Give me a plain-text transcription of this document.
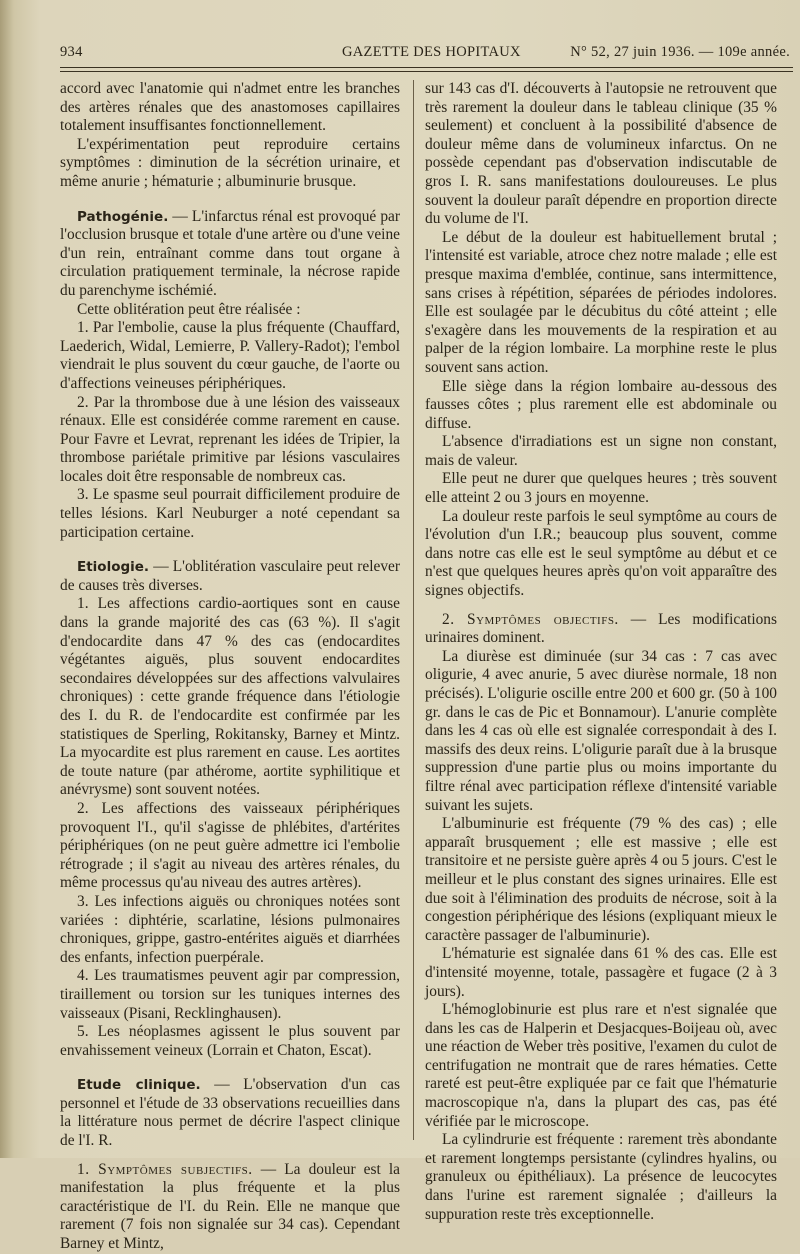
934	GAZETTE DES HOPITAUX	N° 52, 27 juin 1936. — 109e année.

accord avec l'anatomie qui n'admet entre les branches des artères rénales que des anastomoses capillaires totalement insuffisantes fonctionnellement.

L'expérimentation peut reproduire certains symptômes : diminution de la sécrétion urinaire, et même anurie ; hématurie ; albuminurie brusque.

Pathogénie. — L'infarctus rénal est provoqué par l'occlusion brusque et totale d'une artère ou d'une veine d'un rein, entraînant comme dans tout organe à circulation pratiquement terminale, la nécrose rapide du parenchyme ischémié.

Cette oblitération peut être réalisée :

1. Par l'embolie, cause la plus fréquente (Chauffard, Laederich, Widal, Lemierre, P. Vallery-Radot); l'embol viendrait le plus souvent du cœur gauche, de l'aorte ou d'affections veineuses périphériques.

2. Par la thrombose due à une lésion des vaisseaux rénaux. Elle est considérée comme rarement en cause. Pour Favre et Levrat, reprenant les idées de Tripier, la thrombose pariétale primitive par lésions vasculaires locales doit être responsable de nombreux cas.

3. Le spasme seul pourrait difficilement produire de telles lésions. Karl Neuburger a noté cependant sa participation certaine.

Etiologie. — L'oblitération vasculaire peut relever de causes très diverses.

1. Les affections cardio-aortiques sont en cause dans la grande majorité des cas (63 %). Il s'agit d'endocardite dans 47 % des cas (endocardites végétantes aiguës, plus souvent endocardites secondaires développées sur des affections valvulaires chroniques) : cette grande fréquence dans l'étiologie des I. du R. de l'endocardite est confirmée par les statistiques de Sperling, Rokitansky, Barney et Mintz. La myocardite est plus rarement en cause. Les aortites de toute nature (par athérome, aortite syphilitique et anévrysme) sont souvent notées.

2. Les affections des vaisseaux périphériques provoquent l'I., qu'il s'agisse de phlébites, d'artérites périphériques (on ne peut guère admettre ici l'embolie rétrograde ; il s'agit au niveau des artères rénales, du même processus qu'au niveau des autres artères).

3. Les infections aiguës ou chroniques notées sont variées : diphtérie, scarlatine, lésions pulmonaires chroniques, grippe, gastro-entérites aiguës et diarrhées des enfants, infection puerpérale.

4. Les traumatismes peuvent agir par compression, tiraillement ou torsion sur les tuniques internes des vaisseaux (Pisani, Recklinghausen).

5. Les néoplasmes agissent le plus souvent par envahissement veineux (Lorrain et Chaton, Escat).

Etude clinique. — L'observation d'un cas personnel et l'étude de 33 observations recueillies dans la littérature nous permet de décrire l'aspect clinique de l'I. R.

1. Symptômes subjectifs. — La douleur est la manifestation la plus fréquente et la plus caractéristique de l'I. du Rein. Elle ne manque que rarement (7 fois non signalée sur 34 cas). Cependant Barney et Mintz,

sur 143 cas d'I. découverts à l'autopsie ne retrouvent que très rarement la douleur dans le tableau clinique (35 % seulement) et concluent à la possibilité d'absence de douleur même dans de volumineux infarctus. On ne possède cependant pas d'observation indiscutable de gros I. R. sans manifestations douloureuses. Le plus souvent la douleur paraît dépendre en proportion directe du volume de l'I.

Le début de la douleur est habituellement brutal ; l'intensité est variable, atroce chez notre malade ; elle est presque maxima d'emblée, continue, sans intermittence, sans crises à répétition, séparées de périodes indolores. Elle est soulagée par le décubitus du côté atteint ; elle s'exagère dans les mouvements de la respiration et au palper de la région lombaire. La morphine reste le plus souvent sans action.

Elle siège dans la région lombaire au-dessous des fausses côtes ; plus rarement elle est abdominale ou diffuse.

L'absence d'irradiations est un signe non constant, mais de valeur.

Elle peut ne durer que quelques heures ; très souvent elle atteint 2 ou 3 jours en moyenne.

La douleur reste parfois le seul symptôme au cours de l'évolution d'un I.R.; beaucoup plus souvent, comme dans notre cas elle est le seul symptôme au début et ce n'est que quelques heures après qu'on voit apparaître des signes objectifs.

2. Symptômes objectifs. — Les modifications urinaires dominent.

La diurèse est diminuée (sur 34 cas : 7 cas avec oligurie, 4 avec anurie, 5 avec diurèse normale, 18 non précisés). L'oligurie oscille entre 200 et 600 gr. (50 à 100 gr. dans le cas de Pic et Bonnamour). L'anurie complète dans les 4 cas où elle est signalée correspondait à des I. massifs des deux reins. L'oligurie paraît due à la brusque suppression d'une partie plus ou moins importante du filtre rénal avec participation réflexe d'intensité variable suivant les sujets.

L'albuminurie est fréquente (79 % des cas) ; elle apparaît brusquement ; elle est massive ; elle est transitoire et ne persiste guère après 4 ou 5 jours. C'est le meilleur et le plus constant des signes urinaires. Elle est due soit à l'élimination des produits de nécrose, soit à la congestion périphérique des lésions (expliquant mieux le caractère passager de l'albuminurie).

L'hématurie est signalée dans 61 % des cas. Elle est d'intensité moyenne, totale, passagère et fugace (2 à 3 jours).

L'hémoglobinurie est plus rare et n'est signalée que dans les cas de Halperin et Desjacques-Boijeau où, avec une réaction de Weber très positive, l'examen du culot de centrifugation ne montrait que de rares hématies. Cette rareté est peut-être expliquée par ce fait que l'hématurie macroscopique n'a, dans la plupart des cas, pas été vérifiée par le microscope.

La cylindrurie est fréquente : rarement très abondante et rarement longtemps persistante (cylindres hyalins, ou granuleux ou épithéliaux). La présence de leucocytes dans l'urine est rarement signalée ; d'ailleurs la suppuration reste très exceptionnelle.
